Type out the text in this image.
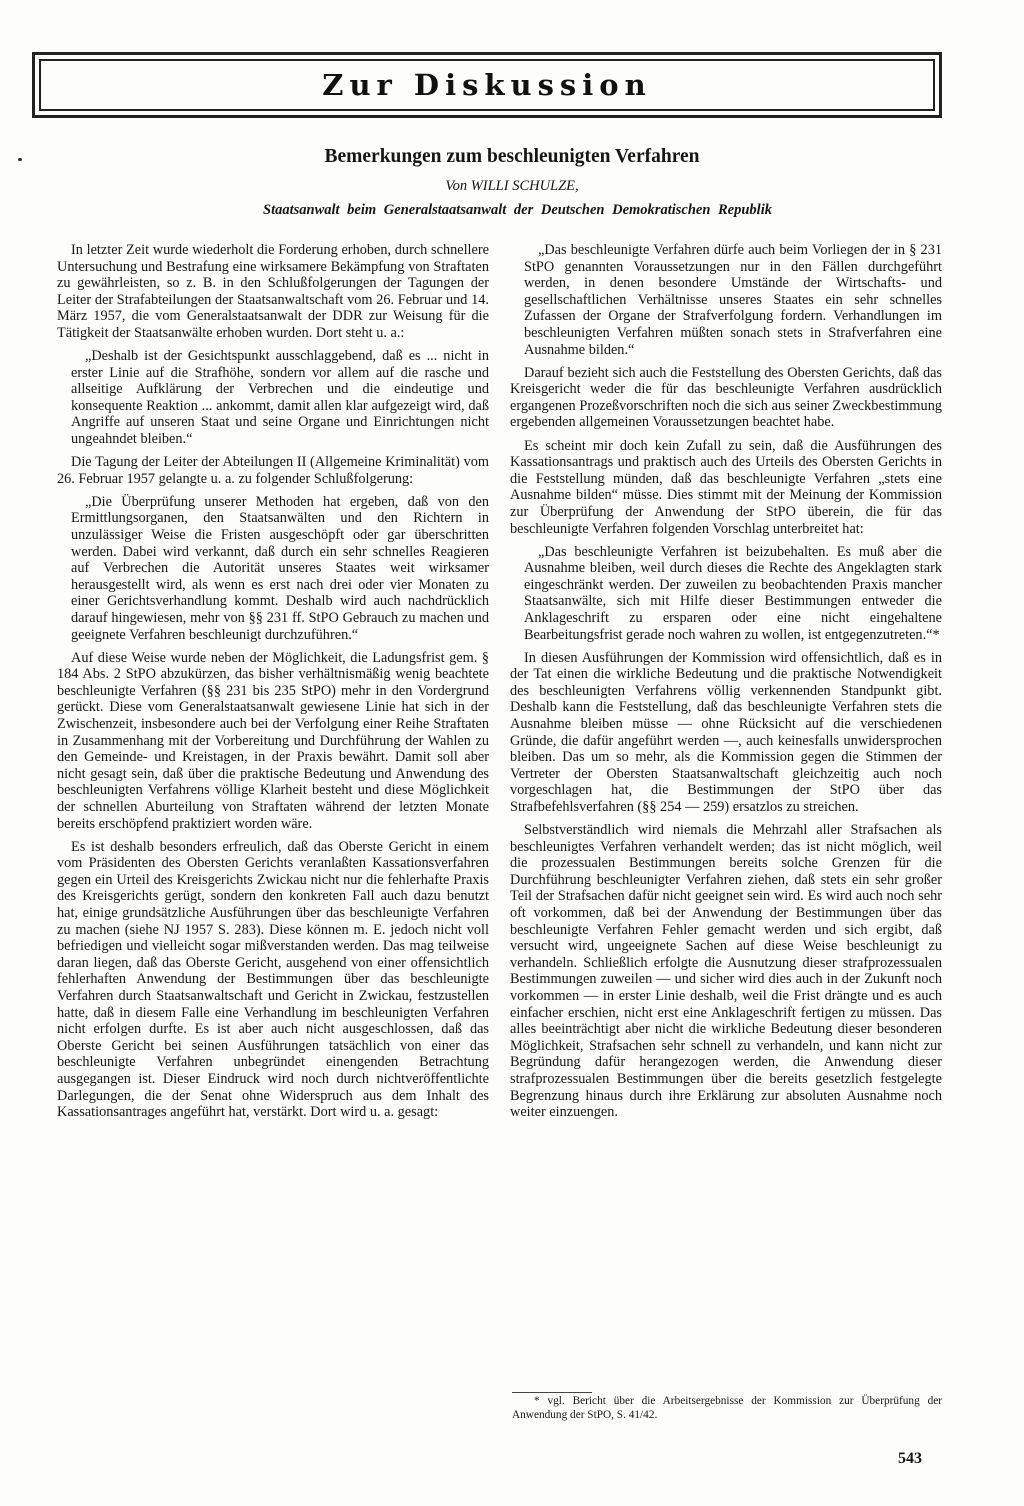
Zur Diskussion
Bemerkungen zum beschleunigten Verfahren
Von WILLI SCHULZE,
Staatsanwalt beim Generalstaatsanwalt der Deutschen Demokratischen Republik

In letzter Zeit wurde wiederholt die Forderung erhoben, durch schnellere Untersuchung und Bestrafung eine wirksamere Bekämpfung von Straftaten zu gewährleisten, so z. B. in den Schlußfolgerungen der Tagungen der Leiter der Strafabteilungen der Staatsanwaltschaft vom 26. Februar und 14. März 1957, die vom Generalstaatsanwalt der DDR zur Weisung für die Tätigkeit der Staatsanwälte erhoben wurden. Dort steht u. a.:

„Deshalb ist der Gesichtspunkt ausschlaggebend, daß es ... nicht in erster Linie auf die Strafhöhe, sondern vor allem auf die rasche und allseitige Aufklärung der Verbrechen und die eindeutige und konsequente Reaktion ... ankommt, damit allen klar aufgezeigt wird, daß Angriffe auf unseren Staat und seine Organe und Einrichtungen nicht ungeahndet bleiben.“

Die Tagung der Leiter der Abteilungen II (Allgemeine Kriminalität) vom 26. Februar 1957 gelangte u. a. zu folgender Schlußfolgerung:

„Die Überprüfung unserer Methoden hat ergeben, daß von den Ermittlungsorganen, den Staatsanwälten und den Richtern in unzulässiger Weise die Fristen ausgeschöpft oder gar überschritten werden. Dabei wird verkannt, daß durch ein sehr schnelles Reagieren auf Verbrechen die Autorität unseres Staates weit wirksamer herausgestellt wird, als wenn es erst nach drei oder vier Monaten zu einer Gerichtsverhandlung kommt. Deshalb wird auch nachdrücklich darauf hingewiesen, mehr von §§ 231 ff. StPO Gebrauch zu machen und geeignete Verfahren beschleunigt durchzuführen.“

Auf diese Weise wurde neben der Möglichkeit, die Ladungsfrist gem. § 184 Abs. 2 StPO abzukürzen, das bisher verhältnismäßig wenig beachtete beschleunigte Verfahren (§§ 231 bis 235 StPO) mehr in den Vordergrund gerückt. Diese vom Generalstaatsanwalt gewiesene Linie hat sich in der Zwischenzeit, insbesondere auch bei der Verfolgung einer Reihe Straftaten in Zusammenhang mit der Vorbereitung und Durchführung der Wahlen zu den Gemeinde- und Kreistagen, in der Praxis bewährt. Damit soll aber nicht gesagt sein, daß über die praktische Bedeutung und Anwendung des beschleunigten Verfahrens völlige Klarheit besteht und diese Möglichkeit der schnellen Aburteilung von Straftaten während der letzten Monate bereits erschöpfend praktiziert worden wäre.

Es ist deshalb besonders erfreulich, daß das Oberste Gericht in einem vom Präsidenten des Obersten Gerichts veranlaßten Kassationsverfahren gegen ein Urteil des Kreisgerichts Zwickau nicht nur die fehlerhafte Praxis des Kreisgerichts gerügt, sondern den konkreten Fall auch dazu benutzt hat, einige grundsätzliche Ausführungen über das beschleunigte Verfahren zu machen (siehe NJ 1957 S. 283). Diese können m. E. jedoch nicht voll befriedigen und vielleicht sogar mißverstanden werden. Das mag teilweise daran liegen, daß das Oberste Gericht, ausgehend von einer offensichtlich fehlerhaften Anwendung der Bestimmungen über das beschleunigte Verfahren durch Staatsanwaltschaft und Gericht in Zwickau, festzustellen hatte, daß in diesem Falle eine Verhandlung im beschleunigten Verfahren nicht erfolgen durfte. Es ist aber auch nicht ausgeschlossen, daß das Oberste Gericht bei seinen Ausführungen tatsächlich von einer das beschleunigte Verfahren unbegründet einengenden Betrachtung ausgegangen ist. Dieser Eindruck wird noch durch nichtveröffentlichte Darlegungen, die der Senat ohne Widerspruch aus dem Inhalt des Kassationsantrages angeführt hat, verstärkt. Dort wird u. a. gesagt:

„Das beschleunigte Verfahren dürfe auch beim Vorliegen der in § 231 StPO genannten Voraussetzungen nur in den Fällen durchgeführt werden, in denen besondere Umstände der Wirtschafts- und gesellschaftlichen Verhältnisse unseres Staates ein sehr schnelles Zufassen der Organe der Strafverfolgung fordern. Verhandlungen im beschleunigten Verfahren müßten sonach stets in Strafverfahren eine Ausnahme bilden.“

Darauf bezieht sich auch die Feststellung des Obersten Gerichts, daß das Kreisgericht weder die für das beschleunigte Verfahren ausdrücklich ergangenen Prozeßvorschriften noch die sich aus seiner Zweckbestimmung ergebenden allgemeinen Voraussetzungen beachtet habe.

Es scheint mir doch kein Zufall zu sein, daß die Ausführungen des Kassationsantrags und praktisch auch des Urteils des Obersten Gerichts in die Feststellung münden, daß das beschleunigte Verfahren „stets eine Ausnahme bilden“ müsse. Dies stimmt mit der Meinung der Kommission zur Überprüfung der Anwendung der StPO überein, die für das beschleunigte Verfahren folgenden Vorschlag unterbreitet hat:

„Das beschleunigte Verfahren ist beizubehalten. Es muß aber die Ausnahme bleiben, weil durch dieses die Rechte des Angeklagten stark eingeschränkt werden. Der zuweilen zu beobachtenden Praxis mancher Staatsanwälte, sich mit Hilfe dieser Bestimmungen entweder die Anklageschrift zu ersparen oder eine nicht eingehaltene Bearbeitungsfrist gerade noch wahren zu wollen, ist entgegenzutreten.“*

In diesen Ausführungen der Kommission wird offensichtlich, daß es in der Tat einen die wirkliche Bedeutung und die praktische Notwendigkeit des beschleunigten Verfahrens völlig verkennenden Standpunkt gibt. Deshalb kann die Feststellung, daß das beschleunigte Verfahren stets die Ausnahme bleiben müsse — ohne Rücksicht auf die verschiedenen Gründe, die dafür angeführt werden —, auch keinesfalls unwidersprochen bleiben. Das um so mehr, als die Kommission gegen die Stimmen der Vertreter der Obersten Staatsanwaltschaft gleichzeitig auch noch vorgeschlagen hat, die Bestimmungen der StPO über das Strafbefehlsverfahren (§§ 254 — 259) ersatzlos zu streichen.

Selbstverständlich wird niemals die Mehrzahl aller Strafsachen als beschleunigtes Verfahren verhandelt werden; das ist nicht möglich, weil die prozessualen Bestimmungen bereits solche Grenzen für die Durchführung beschleunigter Verfahren ziehen, daß stets ein sehr großer Teil der Strafsachen dafür nicht geeignet sein wird. Es wird auch noch sehr oft vorkommen, daß bei der Anwendung der Bestimmungen über das beschleunigte Verfahren Fehler gemacht werden und sich ergibt, daß versucht wird, ungeeignete Sachen auf diese Weise beschleunigt zu verhandeln. Schließlich erfolgte die Ausnutzung dieser strafprozessualen Bestimmungen zuweilen — und sicher wird dies auch in der Zukunft noch vorkommen — in erster Linie deshalb, weil die Frist drängte und es auch einfacher erschien, nicht erst eine Anklageschrift fertigen zu müssen. Das alles beeinträchtigt aber nicht die wirkliche Bedeutung dieser besonderen Möglichkeit, Strafsachen sehr schnell zu verhandeln, und kann nicht zur Begründung dafür herangezogen werden, die Anwendung dieser strafprozessualen Bestimmungen über die bereits gesetzlich festgelegte Begrenzung hinaus durch ihre Erklärung zur absoluten Ausnahme noch weiter einzuengen.

* vgl. Bericht über die Arbeitsergebnisse der Kommission zur Überprüfung der Anwendung der StPO, S. 41/42.
543
